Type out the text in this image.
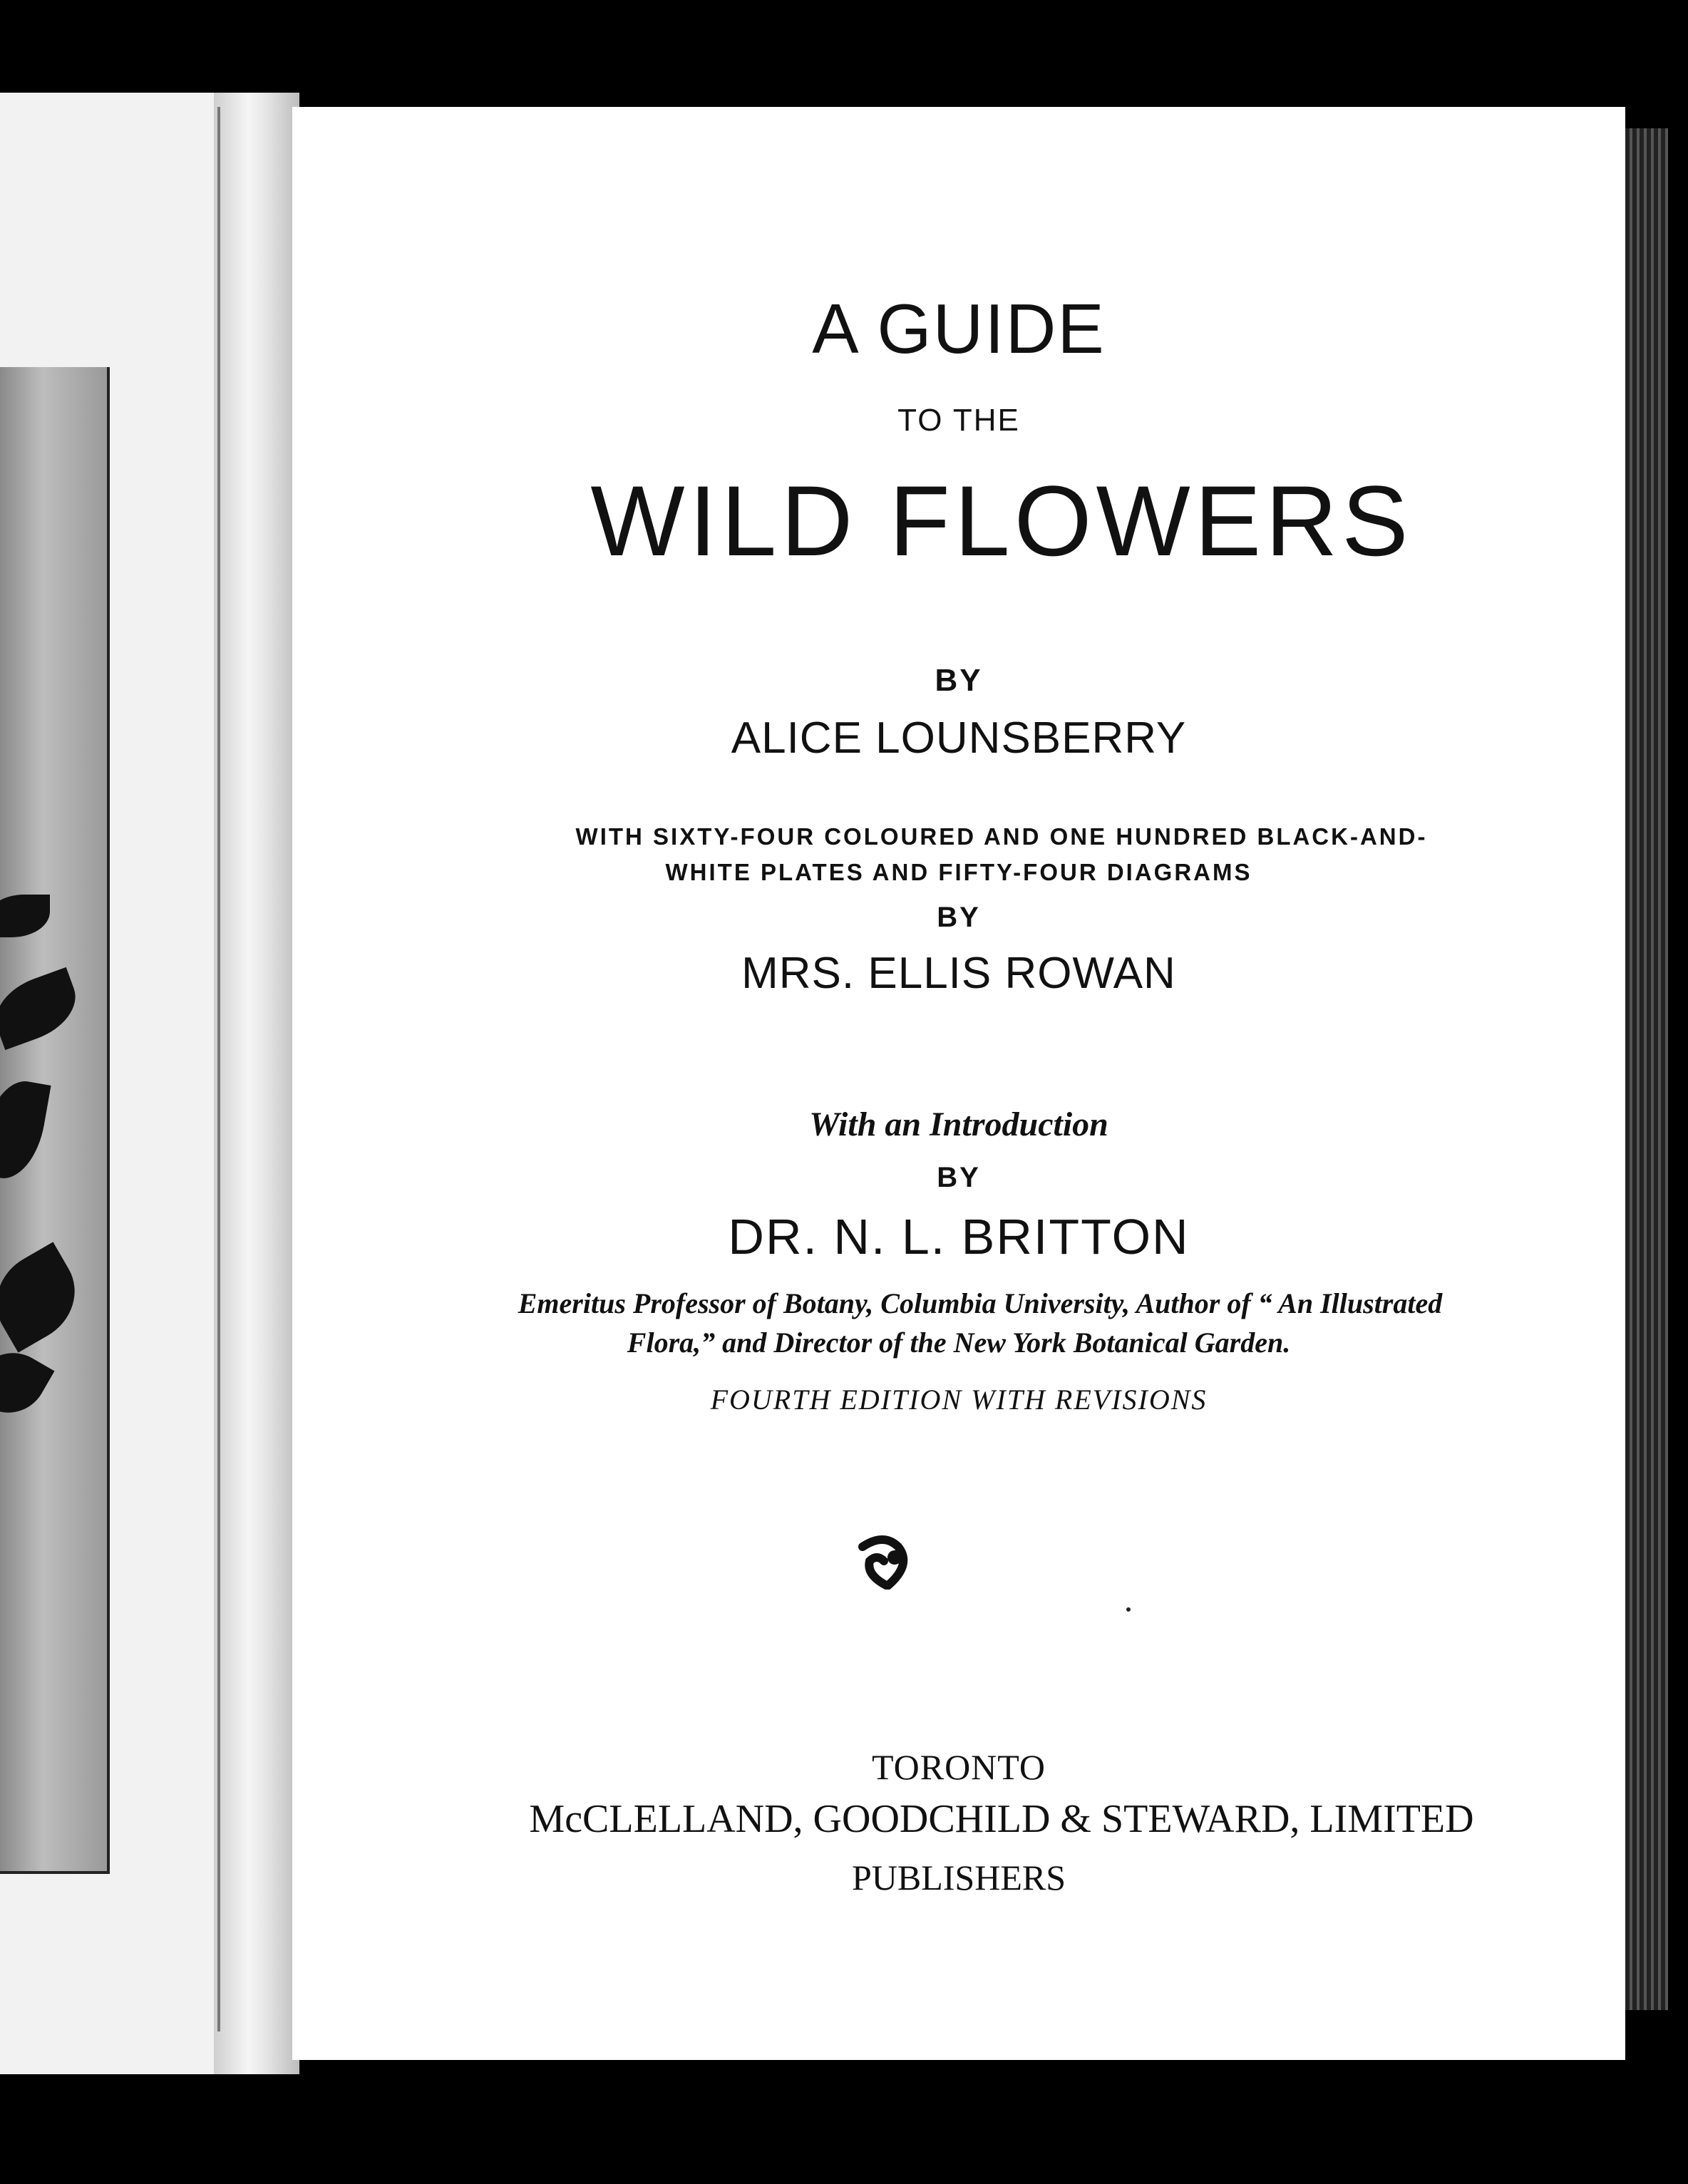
A GUIDE

TO THE

WILD FLOWERS

BY

ALICE LOUNSBERRY

WITH SIXTY-FOUR COLOURED AND ONE HUNDRED BLACK-AND-

WHITE PLATES AND FIFTY-FOUR DIAGRAMS

BY

MRS. ELLIS ROWAN

With an Introduction

BY

DR. N. L. BRITTON

Emeritus Professor of Botany, Columbia University, Author of “ An Illustrated

Flora,” and Director of the New York Botanical Garden.

FOURTH EDITION WITH REVISIONS

TORONTO

McCLELLAND, GOODCHILD & STEWARD, LIMITED

PUBLISHERS
